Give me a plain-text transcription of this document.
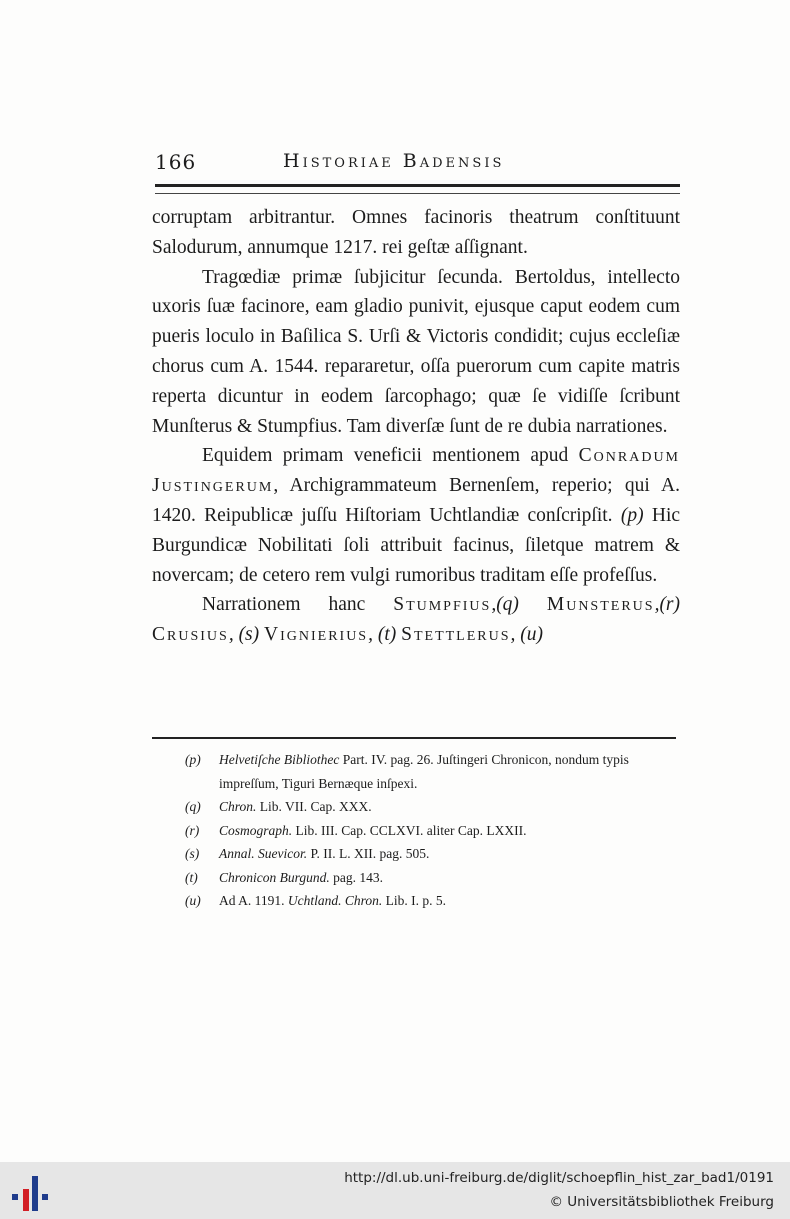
166	Historiae Badensis

corruptam arbitrantur. Omnes facinoris theatrum conſtituunt Salodurum, annumque 1217. rei geſtæ aſſignant.

Tragœdiæ primæ ſubjicitur ſecunda. Bertoldus, intellecto uxoris ſuæ facinore, eam gladio punivit, ejusque caput eodem cum pueris loculo in Baſilica S. Urſi & Victoris condidit; cujus eccleſiæ chorus cum A. 1544. repararetur, oſſa puerorum cum capite matris reperta dicuntur in eodem ſarcophago; quæ ſe vidiſſe ſcribunt Munſterus & Stumpfius. Tam diverſæ ſunt de re dubia narrationes.

Equidem primam veneficii mentionem apud Conradum Justingerum, Archigrammateum Bernenſem, reperio; qui A. 1420. Reipublicæ juſſu Hiſtoriam Uchtlandiæ conſcripſit. (p) Hic Burgundicæ Nobilitati ſoli attribuit facinus, ſiletque matrem & novercam; de cetero rem vulgi rumoribus traditam eſſe profeſſus.

Narrationem hanc Stumpfius,(q) Munsterus,(r) Crusius, (s) Vignierius, (t) Stettlerus, (u)

(p) Helvetiſche Bibliothec Part. IV. pag. 26. Juſtingeri Chronicon, nondum typis impreſſum, Tiguri Bernæque inſpexi.
(q) Chron. Lib. VII. Cap. XXX.
(r) Cosmograph. Lib. III. Cap. CCLXVI. aliter Cap. LXXII.
(s) Annal. Suevicor. P. II. L. XII. pag. 505.
(t) Chronicon Burgund. pag. 143.
(u) Ad A. 1191. Uchtland. Chron. Lib. I. p. 5.
http://dl.ub.uni-freiburg.de/diglit/schoepflin_hist_zar_bad1/0191
© Universitätsbibliothek Freiburg
